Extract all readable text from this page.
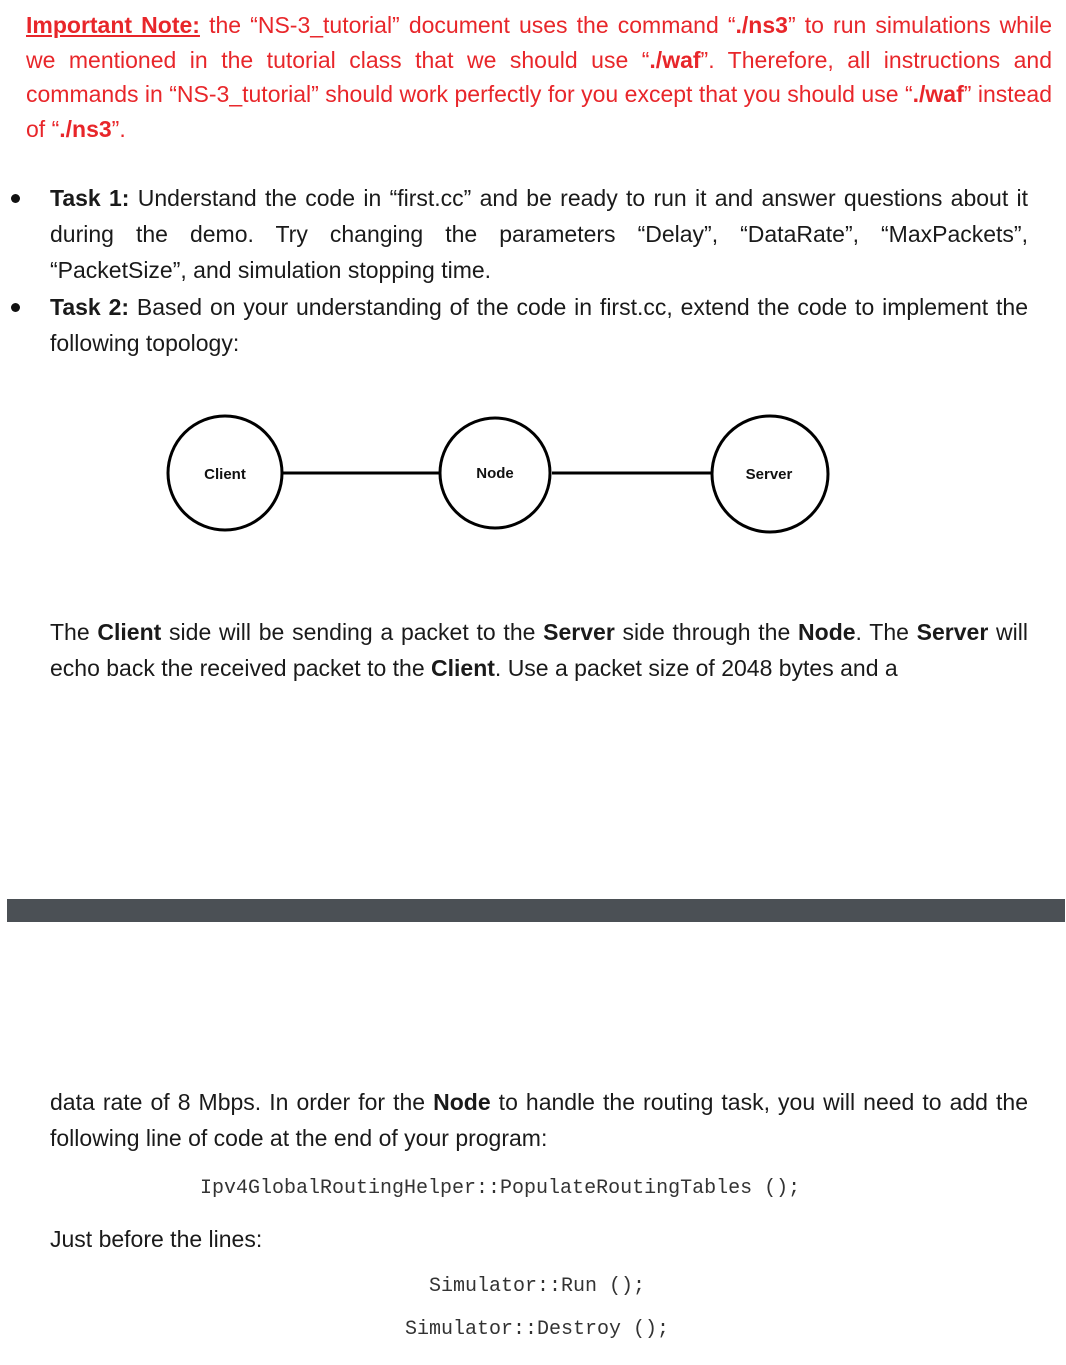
Important Note: the “NS-3_tutorial” document uses the command “./ns3” to run simulations while we mentioned in the tutorial class that we should use “./waf”. Therefore, all instructions and commands in “NS-3_tutorial” should work perfectly for you except that you should use “./waf” instead of “./ns3”.
Task 1: Understand the code in “first.cc” and be ready to run it and answer questions about it during the demo. Try changing the parameters “Delay”, “DataRate”, “MaxPackets”, “PacketSize”, and simulation stopping time.
Task 2: Based on your understanding of the code in first.cc, extend the code to implement the following topology:
Client	Node	Server
The Client side will be sending a packet to the Server side through the Node. The Server will echo back the received packet to the Client. Use a packet size of 2048 bytes and a
data rate of 8 Mbps. In order for the Node to handle the routing task, you will need to add the following line of code at the end of your program:
Ipv4GlobalRoutingHelper::PopulateRoutingTables ();
Just before the lines:
Simulator::Run ();
Simulator::Destroy ();
